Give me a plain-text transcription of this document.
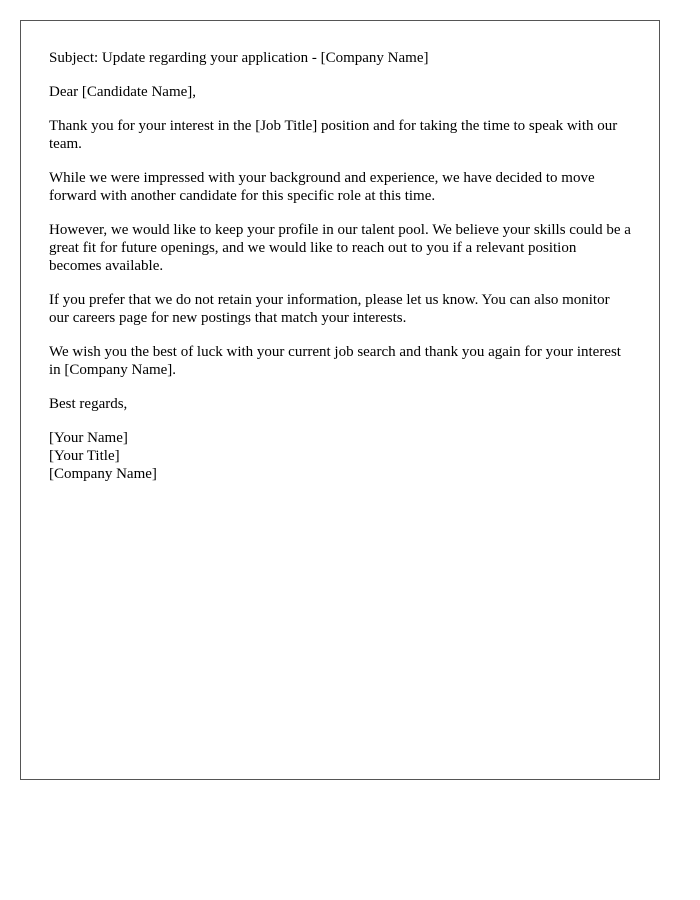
Subject: Update regarding your application - [Company Name]

Dear [Candidate Name],

Thank you for your interest in the [Job Title] position and for taking the time to speak with our team.

While we were impressed with your background and experience, we have decided to move forward with another candidate for this specific role at this time.

However, we would like to keep your profile in our talent pool. We believe your skills could be a great fit for future openings, and we would like to reach out to you if a relevant position becomes available.

If you prefer that we do not retain your information, please let us know. You can also monitor our careers page for new postings that match your interests.

We wish you the best of luck with your current job search and thank you again for your interest in [Company Name].

Best regards,

[Your Name]
[Your Title]
[Company Name]
